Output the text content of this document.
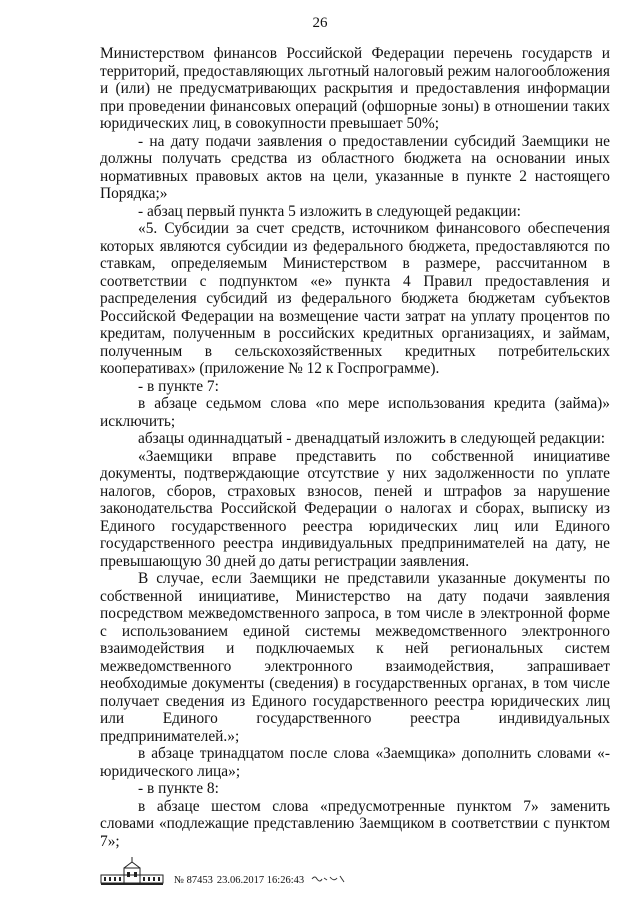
26

Министерством финансов Российской Федерации перечень государств и территорий, предоставляющих льготный налоговый режим налогообложения и (или) не предусматривающих раскрытия и предоставления информации при проведении финансовых операций (офшорные зоны) в отношении таких юридических лиц, в совокупности превышает 50%;

- на дату подачи заявления о предоставлении субсидий Заемщики не должны получать средства из областного бюджета на основании иных нормативных правовых актов на цели, указанные в пункте 2 настоящего Порядка;»

- абзац первый пункта 5 изложить в следующей редакции:

«5. Субсидии за счет средств, источником финансового обеспечения которых являются субсидии из федерального бюджета, предоставляются по ставкам, определяемым Министерством в размере, рассчитанном в соответствии с подпунктом «е» пункта 4 Правил предоставления и распределения субсидий из федерального бюджета бюджетам субъектов Российской Федерации на возмещение части затрат на уплату процентов по кредитам, полученным в российских кредитных организациях, и займам, полученным в сельскохозяйственных кредитных потребительских кооперативах» (приложение № 12 к Госпрограмме).

- в пункте 7:

в абзаце седьмом слова «по мере использования кредита (займа)» исключить;

абзацы одиннадцатый - двенадцатый изложить в следующей редакции:

«Заемщики вправе представить по собственной инициативе документы, подтверждающие отсутствие у них задолженности по уплате налогов, сборов, страховых взносов, пеней и штрафов за нарушение законодательства Российской Федерации о налогах и сборах, выписку из Единого государственного реестра юридических лиц или Единого государственного реестра индивидуальных предпринимателей на дату, не превышающую 30 дней до даты регистрации заявления.

В случае, если Заемщики не представили указанные документы по собственной инициативе, Министерство на дату подачи заявления посредством межведомственного запроса, в том числе в электронной форме с использованием единой системы межведомственного электронного взаимодействия и подключаемых к ней региональных систем межведомственного электронного взаимодействия, запрашивает необходимые документы (сведения) в государственных органах, в том числе получает сведения из Единого государственного реестра юридических лиц или Единого государственного реестра индивидуальных предпринимателей.»;

в абзаце тринадцатом после слова «Заемщика» дополнить словами «- юридического лица»;

- в пункте 8:

в абзаце шестом слова «предусмотренные пунктом 7» заменить словами «подлежащие представлению Заемщиком в соответствии с пунктом 7»;

№ 87453 23.06.2017 16:26:43
